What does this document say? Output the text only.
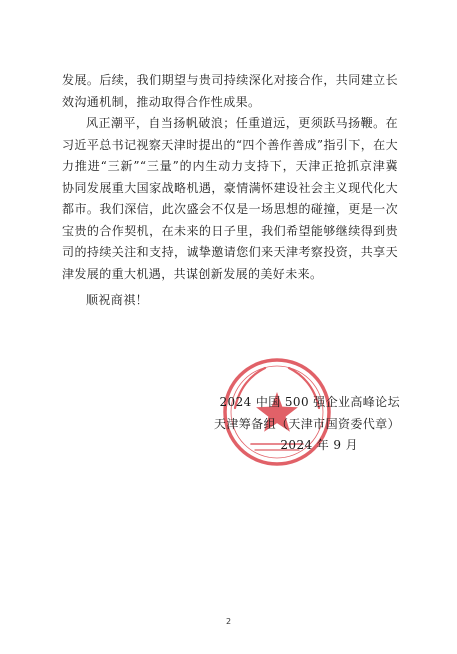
发展。后续，我们期望与贵司持续深化对接合作，共同建立长效沟通机制，推动取得合作性成果。

风正潮平，自当扬帆破浪；任重道远，更须跃马扬鞭。在习近平总书记视察天津时提出的“四个善作善成”指引下，在大力推进“三新”“三量”的内生动力支持下，天津正抢抓京津冀协同发展重大国家战略机遇，豪情满怀建设社会主义现代化大都市。我们深信，此次盛会不仅是一场思想的碰撞，更是一次宝贵的合作契机，在未来的日子里，我们希望能够继续得到贵司的持续关注和支持，诚挚邀请您们来天津考察投资，共享天津发展的重大机遇，共谋创新发展的美好未来。

顺祝商祺！

2024 中国 500 强企业高峰论坛
天津筹备组（天津市国资委代章）
2024 年 9 月
2
